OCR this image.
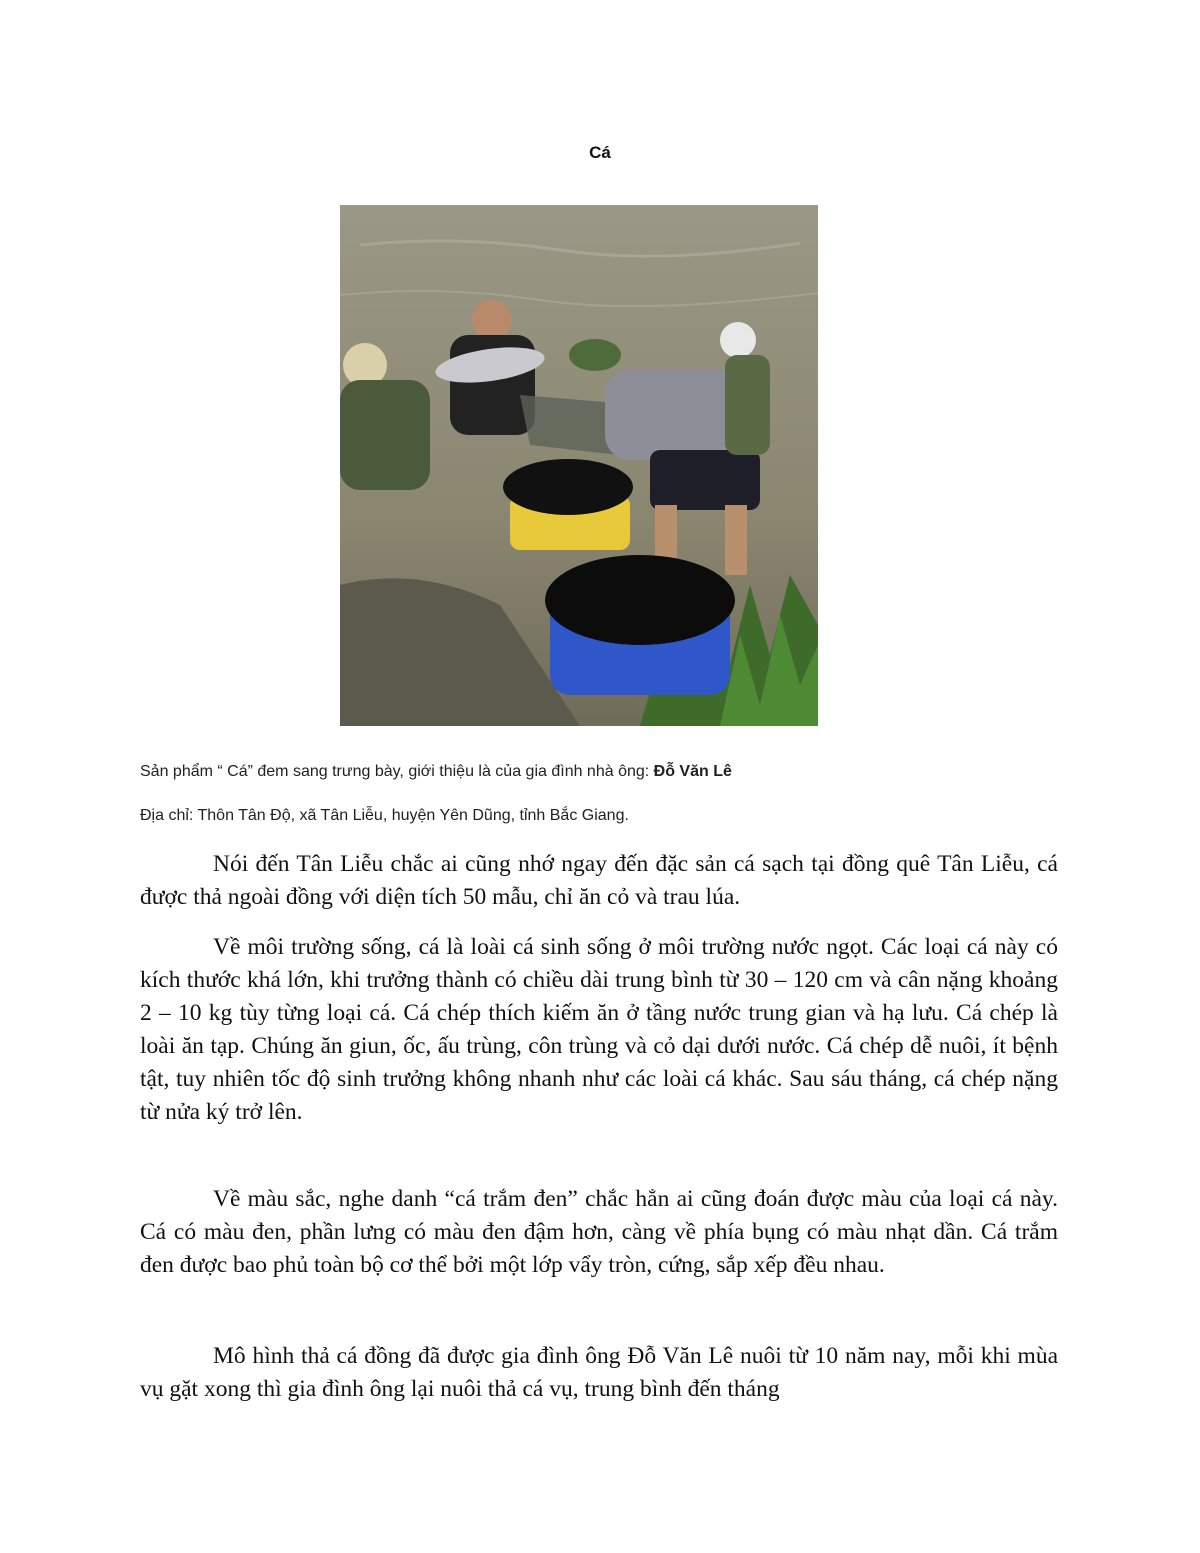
Cá
Sản phẩm “ Cá” đem sang trưng bày, giới thiệu là của gia đình nhà ông: Đỗ Văn Lê
Địa chỉ: Thôn Tân Độ, xã Tân Liễu, huyện Yên Dũng, tỉnh Bắc Giang.

Nói đến Tân Liễu chắc ai cũng nhớ ngay đến đặc sản cá sạch tại đồng quê Tân Liễu, cá được thả ngoài đồng với diện tích 50 mẫu, chỉ ăn cỏ và trau lúa.

Về môi trường sống, cá là loài cá sinh sống ở môi trường nước ngọt. Các loại cá này có kích thước khá lớn, khi trưởng thành có chiều dài trung bình từ 30 – 120 cm và cân nặng khoảng 2 – 10 kg tùy từng loại cá. Cá chép thích kiếm ăn ở tầng nước trung gian và hạ lưu. Cá chép là loài ăn tạp. Chúng ăn giun, ốc, ấu trùng, côn trùng và cỏ dại dưới nước. Cá chép dễ nuôi, ít bệnh tật, tuy nhiên tốc độ sinh trưởng không nhanh như các loài cá khác. Sau sáu tháng, cá chép nặng từ nửa ký trở lên.

Về màu sắc, nghe danh “cá trắm đen” chắc hẳn ai cũng đoán được màu của loại cá này. Cá có màu đen, phần lưng có màu đen đậm hơn, càng về phía bụng có màu nhạt dần. Cá trắm đen được bao phủ toàn bộ cơ thể bởi một lớp vẩy tròn, cứng, sắp xếp đều nhau.

Mô hình thả cá đồng đã được gia đình ông Đỗ Văn Lê nuôi từ 10 năm nay, mỗi khi mùa vụ gặt xong thì gia đình ông lại nuôi thả cá vụ, trung bình đến tháng
